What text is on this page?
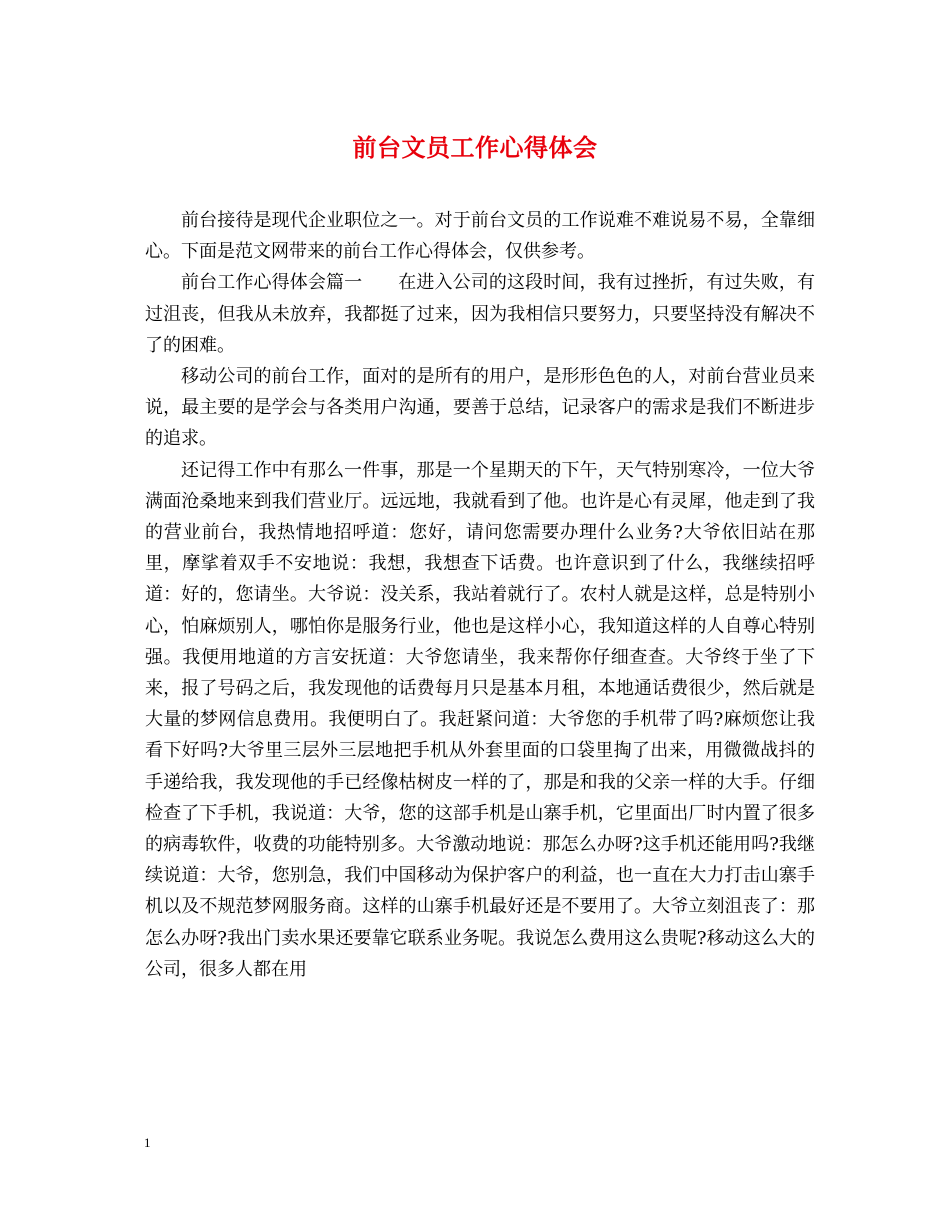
前台文员工作心得体会

前台接待是现代企业职位之一。对于前台文员的工作说难不难说易不易，全靠细心。下面是范文网带来的前台工作心得体会，仅供参考。

前台工作心得体会篇一 在进入公司的这段时间，我有过挫折，有过失败，有过沮丧，但我从未放弃，我都挺了过来，因为我相信只要努力，只要坚持没有解决不了的困难。

移动公司的前台工作，面对的是所有的用户，是形形色色的人，对前台营业员来说，最主要的是学会与各类用户沟通，要善于总结，记录客户的需求是我们不断进步的追求。

还记得工作中有那么一件事，那是一个星期天的下午，天气特别寒冷，一位大爷满面沧桑地来到我们营业厅。远远地，我就看到了他。也许是心有灵犀，他走到了我的营业前台，我热情地招呼道：您好，请问您需要办理什么业务?大爷依旧站在那里，摩挲着双手不安地说：我想，我想查下话费。也许意识到了什么，我继续招呼道：好的，您请坐。大爷说：没关系，我站着就行了。农村人就是这样，总是特别小心，怕麻烦别人，哪怕你是服务行业，他也是这样小心，我知道这样的人自尊心特别强。我便用地道的方言安抚道：大爷您请坐，我来帮你仔细查查。大爷终于坐了下来，报了号码之后，我发现他的话费每月只是基本月租，本地通话费很少，然后就是大量的梦网信息费用。我便明白了。我赶紧问道：大爷您的手机带了吗?麻烦您让我看下好吗?大爷里三层外三层地把手机从外套里面的口袋里掏了出来，用微微战抖的手递给我，我发现他的手已经像枯树皮一样的了，那是和我的父亲一样的大手。仔细检查了下手机，我说道：大爷，您的这部手机是山寨手机，它里面出厂时内置了很多的病毒软件，收费的功能特别多。大爷激动地说：那怎么办呀?这手机还能用吗?我继续说道：大爷，您别急，我们中国移动为保护客户的利益，也一直在大力打击山寨手机以及不规范梦网服务商。这样的山寨手机最好还是不要用了。大爷立刻沮丧了：那怎么办呀?我出门卖水果还要靠它联系业务呢。我说怎么费用这么贵呢?移动这么大的公司，很多人都在用

1
